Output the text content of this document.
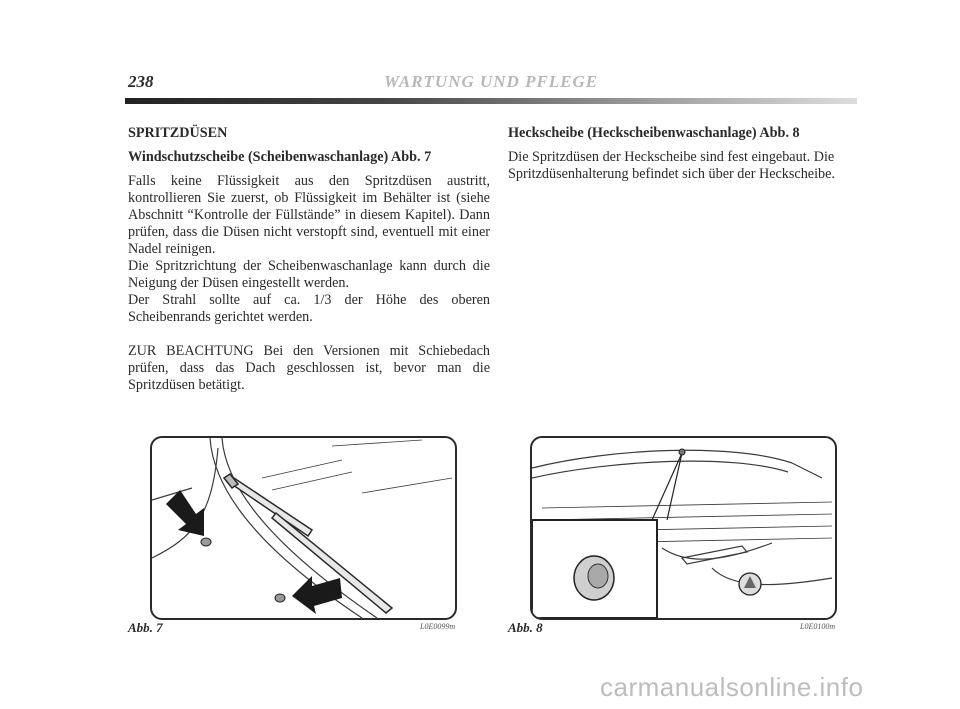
238	WARTUNG UND PFLEGE

SPRITZDÜSEN

Windschutzscheibe (Scheibenwaschanlage) Abb. 7

Falls keine Flüssigkeit aus den Spritzdüsen austritt, kontrollieren Sie zuerst, ob Flüssigkeit im Behälter ist (siehe Abschnitt “Kontrolle der Füllstände” in diesem Kapitel). Dann prüfen, dass die Düsen nicht verstopft sind, eventuell mit einer Nadel reinigen.

Die Spritzrichtung der Scheibenwaschanlage kann durch die Neigung der Düsen eingestellt werden.

Der Strahl sollte auf ca. 1/3 der Höhe des oberen Scheibenrands gerichtet werden.

ZUR BEACHTUNG Bei den Versionen mit Schiebedach prüfen, dass das Dach geschlossen ist, bevor man die Spritzdüsen betätigt.

Heckscheibe (Heckscheibenwaschanlage) Abb. 8

Die Spritzdüsen der Heckscheibe sind fest eingebaut. Die Spritzdüsenhalterung befindet sich über der Heckscheibe.

Abb. 7	L0E0099m	Abb. 8	L0E0100m
carmanualsonline.info
